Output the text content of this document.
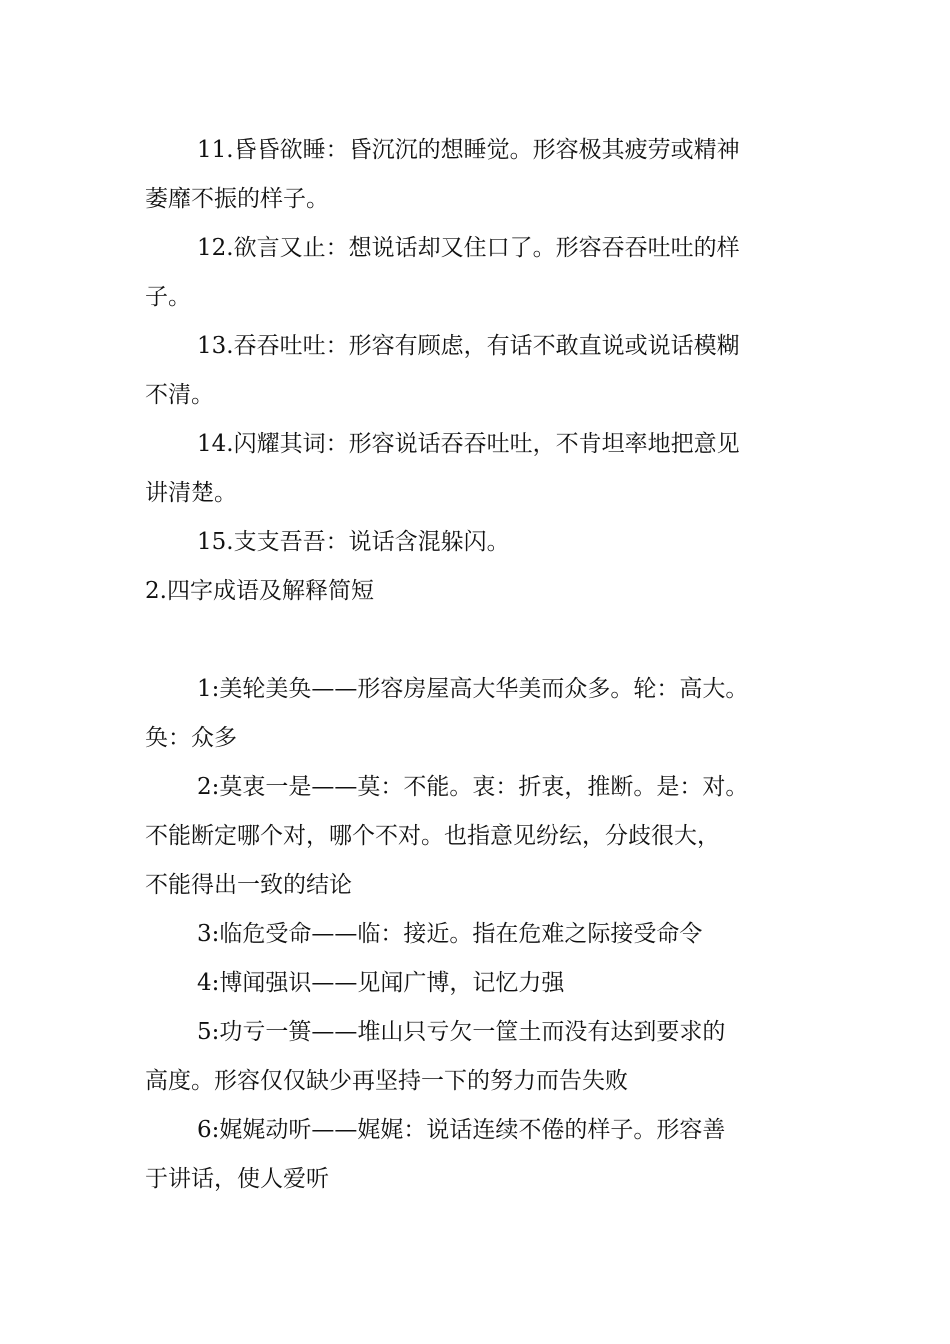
11.昏昏欲睡：昏沉沉的想睡觉。形容极其疲劳或精神
萎靡不振的样子。

12.欲言又止：想说话却又住口了。形容吞吞吐吐的样
子。

13.吞吞吐吐：形容有顾虑，有话不敢直说或说话模糊
不清。

14.闪耀其词：形容说话吞吞吐吐，不肯坦率地把意见
讲清楚。

15.支支吾吾：说话含混躲闪。

2.四字成语及解释简短

1:美轮美奂——形容房屋高大华美而众多。轮：高大。
奂：众多

2:莫衷一是——莫：不能。衷：折衷，推断。是：对。
不能断定哪个对，哪个不对。也指意见纷纭，分歧很大，
不能得出一致的结论

3:临危受命——临：接近。指在危难之际接受命令

4:博闻强识——见闻广博，记忆力强

5:功亏一篑——堆山只亏欠一筐土而没有达到要求的
高度。形容仅仅缺少再坚持一下的努力而告失败

6:娓娓动听——娓娓：说话连续不倦的样子。形容善
于讲话，使人爱听
